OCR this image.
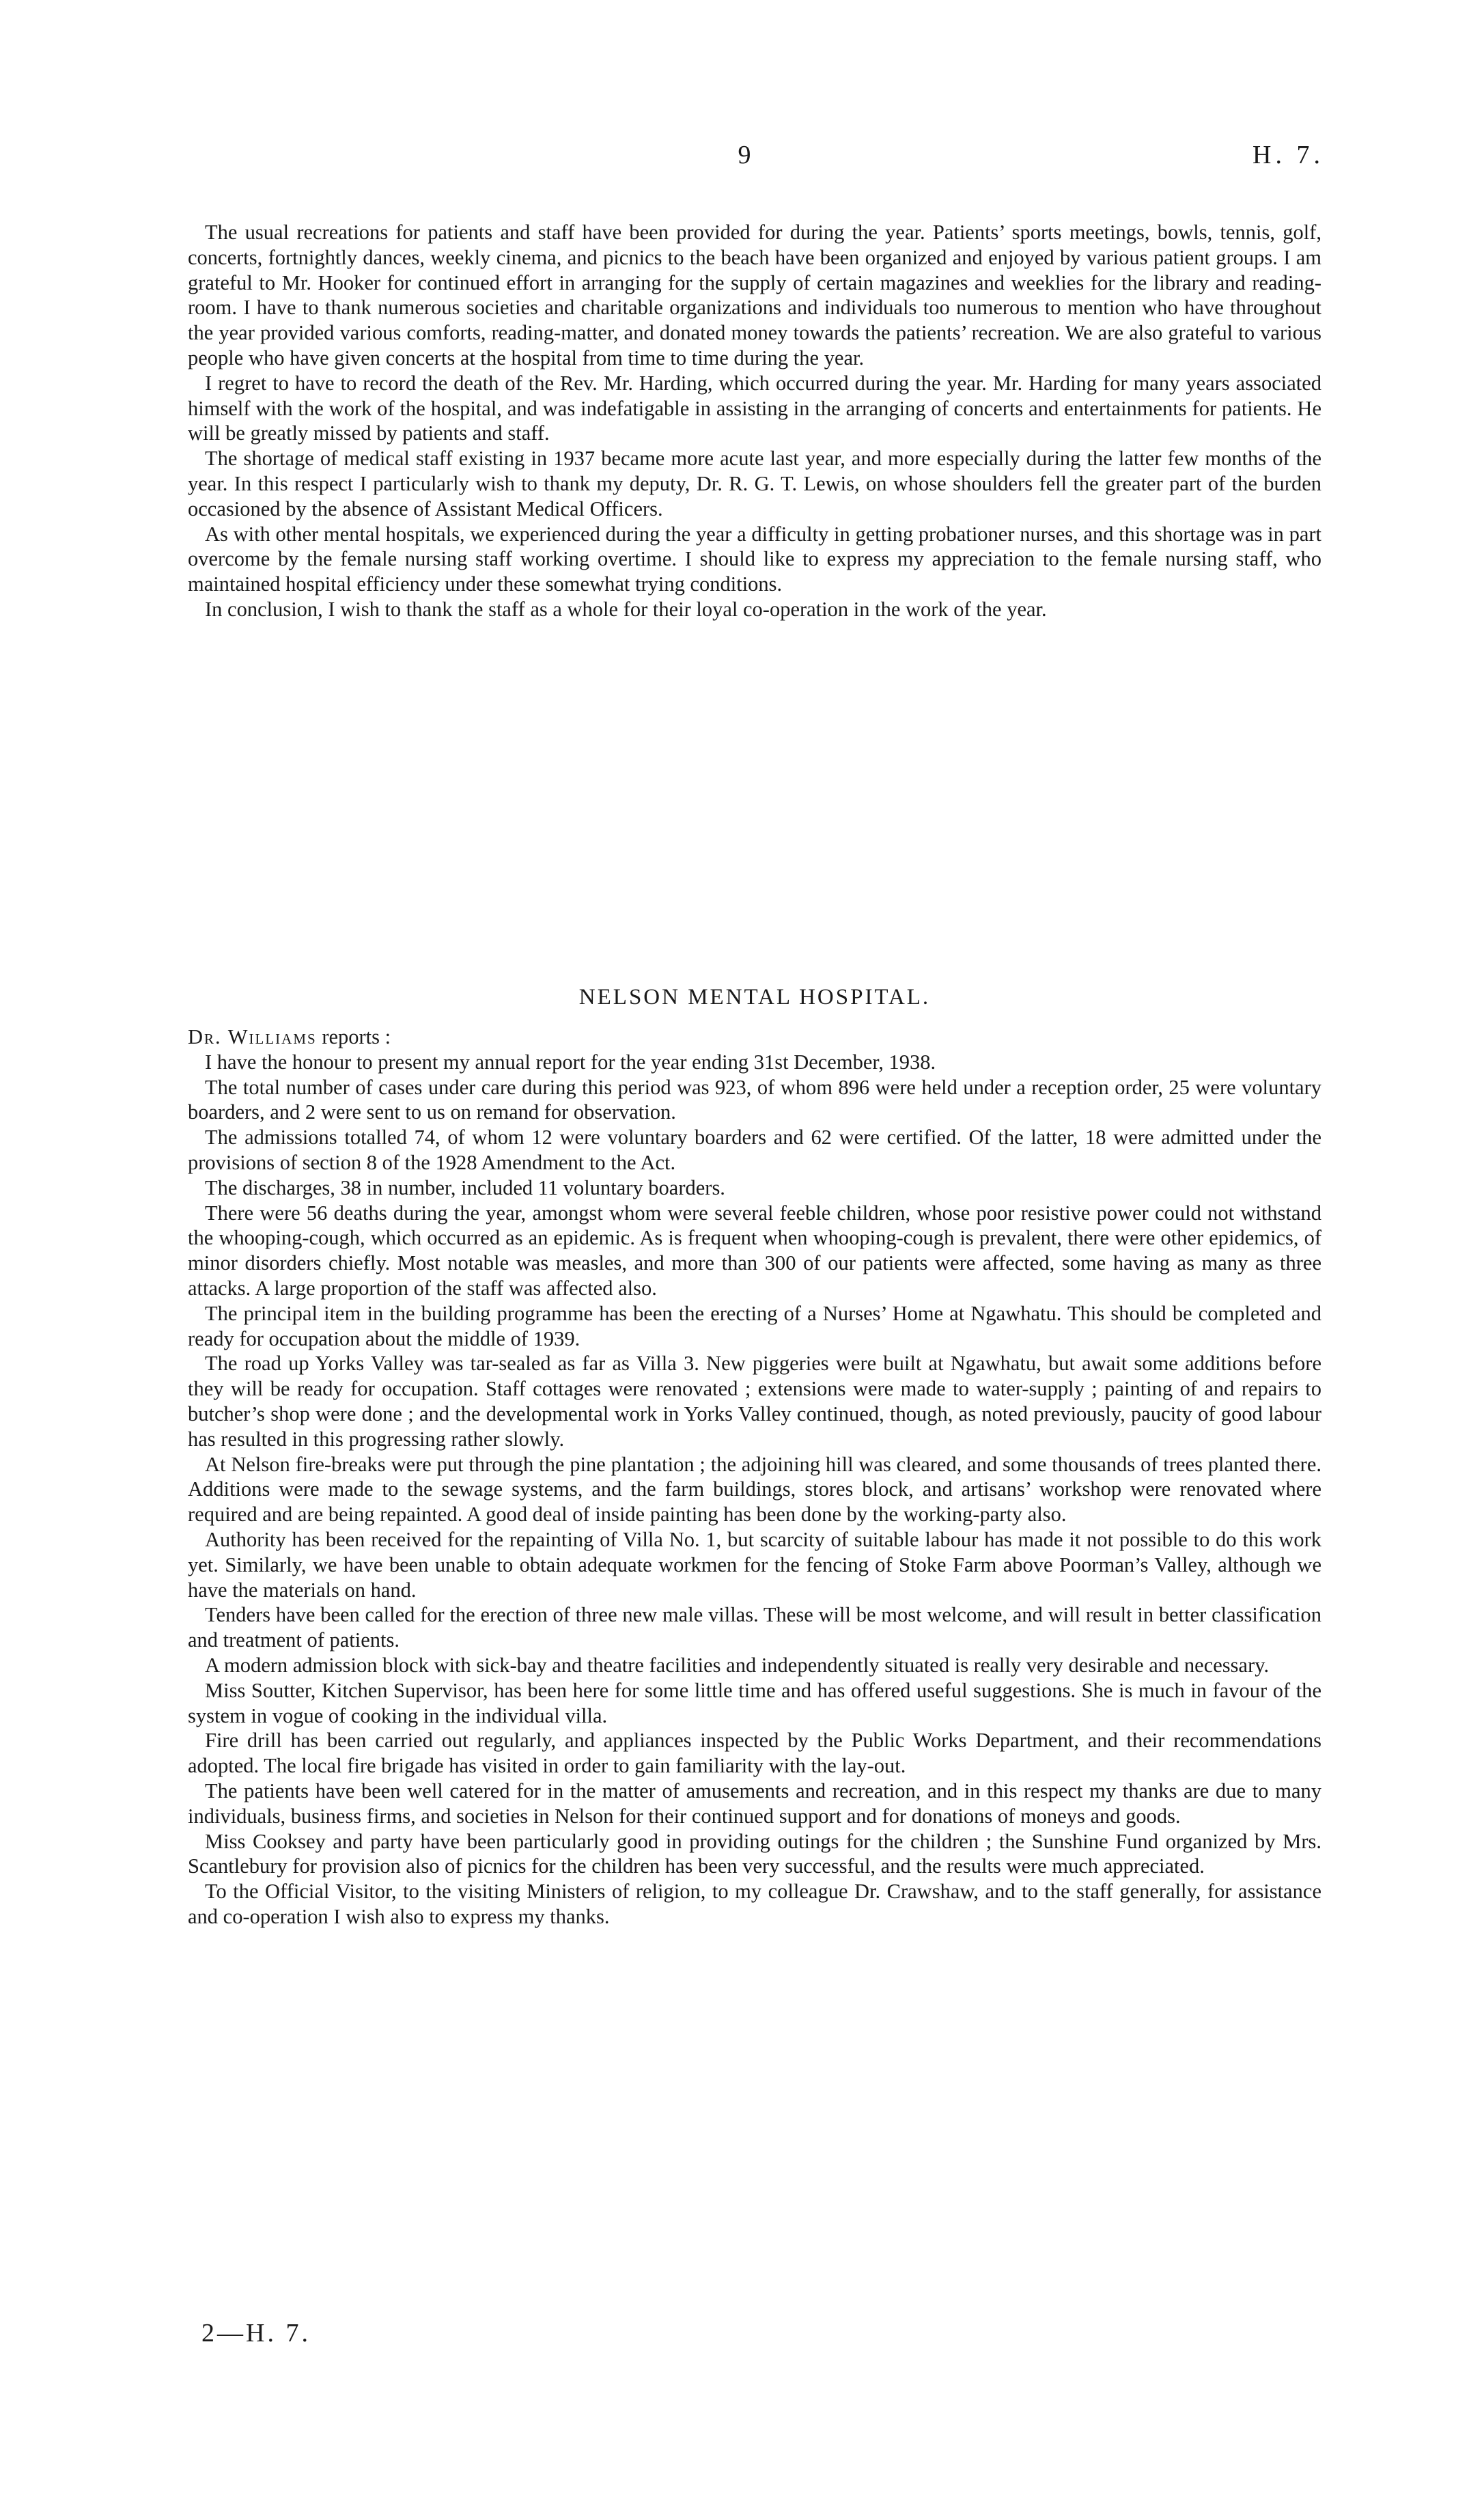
9	H. 7.

The usual recreations for patients and staff have been provided for during the year. Patients’ sports meetings, bowls, tennis, golf, concerts, fortnightly dances, weekly cinema, and picnics to the beach have been organized and enjoyed by various patient groups. I am grateful to Mr. Hooker for continued effort in arranging for the supply of certain magazines and weeklies for the library and reading-room. I have to thank numerous societies and charitable organizations and individuals too numerous to mention who have throughout the year provided various comforts, reading-matter, and donated money towards the patients’ recreation. We are also grateful to various people who have given concerts at the hospital from time to time during the year.

I regret to have to record the death of the Rev. Mr. Harding, which occurred during the year. Mr. Harding for many years associated himself with the work of the hospital, and was indefatigable in assisting in the arranging of concerts and entertainments for patients. He will be greatly missed by patients and staff.

The shortage of medical staff existing in 1937 became more acute last year, and more especially during the latter few months of the year. In this respect I particularly wish to thank my deputy, Dr. R. G. T. Lewis, on whose shoulders fell the greater part of the burden occasioned by the absence of Assistant Medical Officers.

As with other mental hospitals, we experienced during the year a difficulty in getting probationer nurses, and this shortage was in part overcome by the female nursing staff working overtime. I should like to express my appreciation to the female nursing staff, who maintained hospital efficiency under these somewhat trying conditions.

In conclusion, I wish to thank the staff as a whole for their loyal co-operation in the work of the year.

NELSON MENTAL HOSPITAL.

Dr. Williams reports :

I have the honour to present my annual report for the year ending 31st December, 1938.

The total number of cases under care during this period was 923, of whom 896 were held under a reception order, 25 were voluntary boarders, and 2 were sent to us on remand for observation.

The admissions totalled 74, of whom 12 were voluntary boarders and 62 were certified. Of the latter, 18 were admitted under the provisions of section 8 of the 1928 Amendment to the Act.

The discharges, 38 in number, included 11 voluntary boarders.

There were 56 deaths during the year, amongst whom were several feeble children, whose poor resistive power could not withstand the whooping-cough, which occurred as an epidemic. As is frequent when whooping-cough is prevalent, there were other epidemics, of minor disorders chiefly. Most notable was measles, and more than 300 of our patients were affected, some having as many as three attacks. A large proportion of the staff was affected also.

The principal item in the building programme has been the erecting of a Nurses’ Home at Ngawhatu. This should be completed and ready for occupation about the middle of 1939.

The road up Yorks Valley was tar-sealed as far as Villa 3. New piggeries were built at Ngawhatu, but await some additions before they will be ready for occupation. Staff cottages were renovated ; extensions were made to water-supply ; painting of and repairs to butcher’s shop were done ; and the developmental work in Yorks Valley continued, though, as noted previously, paucity of good labour has resulted in this progressing rather slowly.

At Nelson fire-breaks were put through the pine plantation ; the adjoining hill was cleared, and some thousands of trees planted there. Additions were made to the sewage systems, and the farm buildings, stores block, and artisans’ workshop were renovated where required and are being repainted. A good deal of inside painting has been done by the working-party also.

Authority has been received for the repainting of Villa No. 1, but scarcity of suitable labour has made it not possible to do this work yet. Similarly, we have been unable to obtain adequate workmen for the fencing of Stoke Farm above Poorman’s Valley, although we have the materials on hand.

Tenders have been called for the erection of three new male villas. These will be most welcome, and will result in better classification and treatment of patients.

A modern admission block with sick-bay and theatre facilities and independently situated is really very desirable and necessary.

Miss Soutter, Kitchen Supervisor, has been here for some little time and has offered useful suggestions. She is much in favour of the system in vogue of cooking in the individual villa.

Fire drill has been carried out regularly, and appliances inspected by the Public Works Department, and their recommendations adopted. The local fire brigade has visited in order to gain familiarity with the lay-out.

The patients have been well catered for in the matter of amusements and recreation, and in this respect my thanks are due to many individuals, business firms, and societies in Nelson for their continued support and for donations of moneys and goods.

Miss Cooksey and party have been particularly good in providing outings for the children ; the Sunshine Fund organized by Mrs. Scantlebury for provision also of picnics for the children has been very successful, and the results were much appreciated.

To the Official Visitor, to the visiting Ministers of religion, to my colleague Dr. Crawshaw, and to the staff generally, for assistance and co-operation I wish also to express my thanks.

2—H. 7.
